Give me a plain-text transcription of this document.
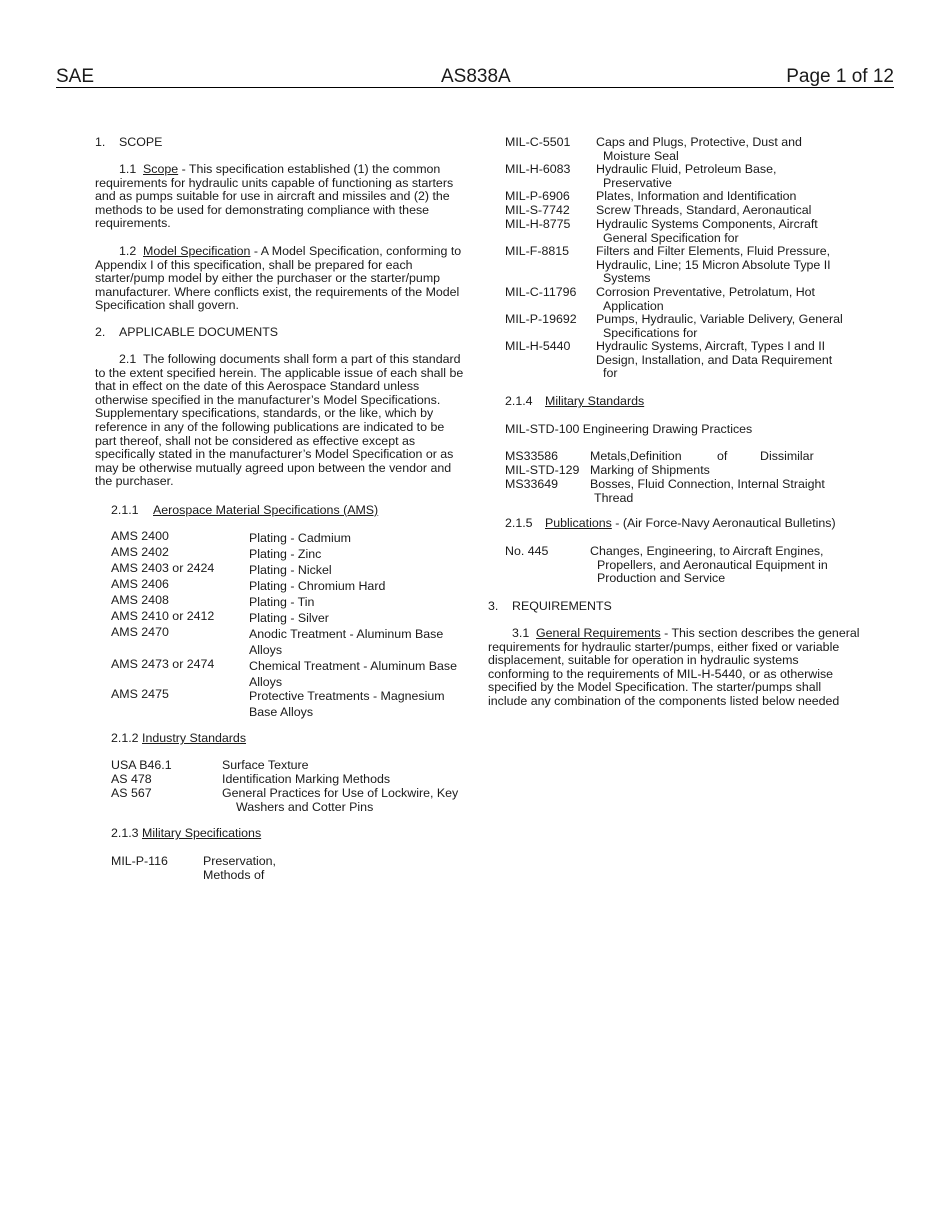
SAE	AS838A	Page 1 of 12
1. SCOPE
1.1 Scope - This specification established (1) the common requirements for hydraulic units capable of functioning as starters and as pumps suitable for use in aircraft and missiles and (2) the methods to be used for demonstrating compliance with these requirements.
1.2 Model Specification - A Model Specification, conforming to Appendix I of this specification, shall be prepared for each starter/pump model by either the purchaser or the starter/pump manufacturer. Where conflicts exist, the requirements of the Model Specification shall govern.
2. APPLICABLE DOCUMENTS
2.1 The following documents shall form a part of this standard to the extent specified herein. The applicable issue of each shall be that in effect on the date of this Aerospace Standard unless otherwise specified in the manufacturer’s Model Specifications. Supplementary specifications, standards, or the like, which by reference in any of the following publications are indicated to be part thereof, shall not be considered as effective except as specifically stated in the manufacturer’s Model Specification or as may be otherwise mutually agreed upon between the vendor and the purchaser.
2.1.1 Aerospace Material Specifications (AMS)
AMS 2400	Plating - Cadmium
AMS 2402	Plating - Zinc
AMS 2403 or 2424	Plating - Nickel
AMS 2406	Plating - Chromium Hard
AMS 2408	Plating - Tin
AMS 2410 or 2412	Plating - Silver
AMS 2470	Anodic Treatment - Aluminum Base Alloys
AMS 2473 or 2474	Chemical Treatment - Aluminum Base Alloys
AMS 2475	Protective Treatments - Magnesium Base Alloys
2.1.2 Industry Standards
USA B46.1	Surface Texture
AS 478	Identification Marking Methods
AS 567	General Practices for Use of Lockwire, Key
Washers and Cotter Pins
2.1.3 Military Specifications
MIL-P-116	Preservation, Methods of
MIL-C-5501 Caps and Plugs, Protective, Dust and
Moisture Seal
MIL-H-6083 Hydraulic Fluid, Petroleum Base,
Preservative
MIL-P-6906 Plates, Information and Identification
MIL-S-7742 Screw Threads, Standard, Aeronautical
MIL-H-8775 Hydraulic Systems Components, Aircraft
General Specification for
MIL-F-8815 Filters and Filter Elements, Fluid Pressure, Hydraulic, Line; 15 Micron Absolute Type II
Systems
MIL-C-11796 Corrosion Preventative, Petrolatum, Hot
Application
MIL-P-19692 Pumps, Hydraulic, Variable Delivery, General
Specifications for
MIL-H-5440 Hydraulic Systems, Aircraft, Types I and II Design, Installation, and Data Requirement
for
2.1.4 Military Standards
MIL-STD-100 Engineering Drawing Practices
MS33586	Metals,Definition	of	Dissimilar
MIL-STD-129 Marking of Shipments
MS33649	Bosses, Fluid Connection, Internal Straight
Thread
2.1.5 Publications - (Air Force-Navy Aeronautical Bulletins)
No. 445	Changes, Engineering, to Aircraft Engines,
Propellers, and Aeronautical Equipment in Production and Service
3. REQUIREMENTS
3.1 General Requirements - This section describes the general requirements for hydraulic starter/pumps, either fixed or variable displacement, suitable for operation in hydraulic systems conforming to the requirements of MIL-H-5440, or as otherwise specified by the Model Specification. The starter/pumps shall include any combination of the components listed below needed
